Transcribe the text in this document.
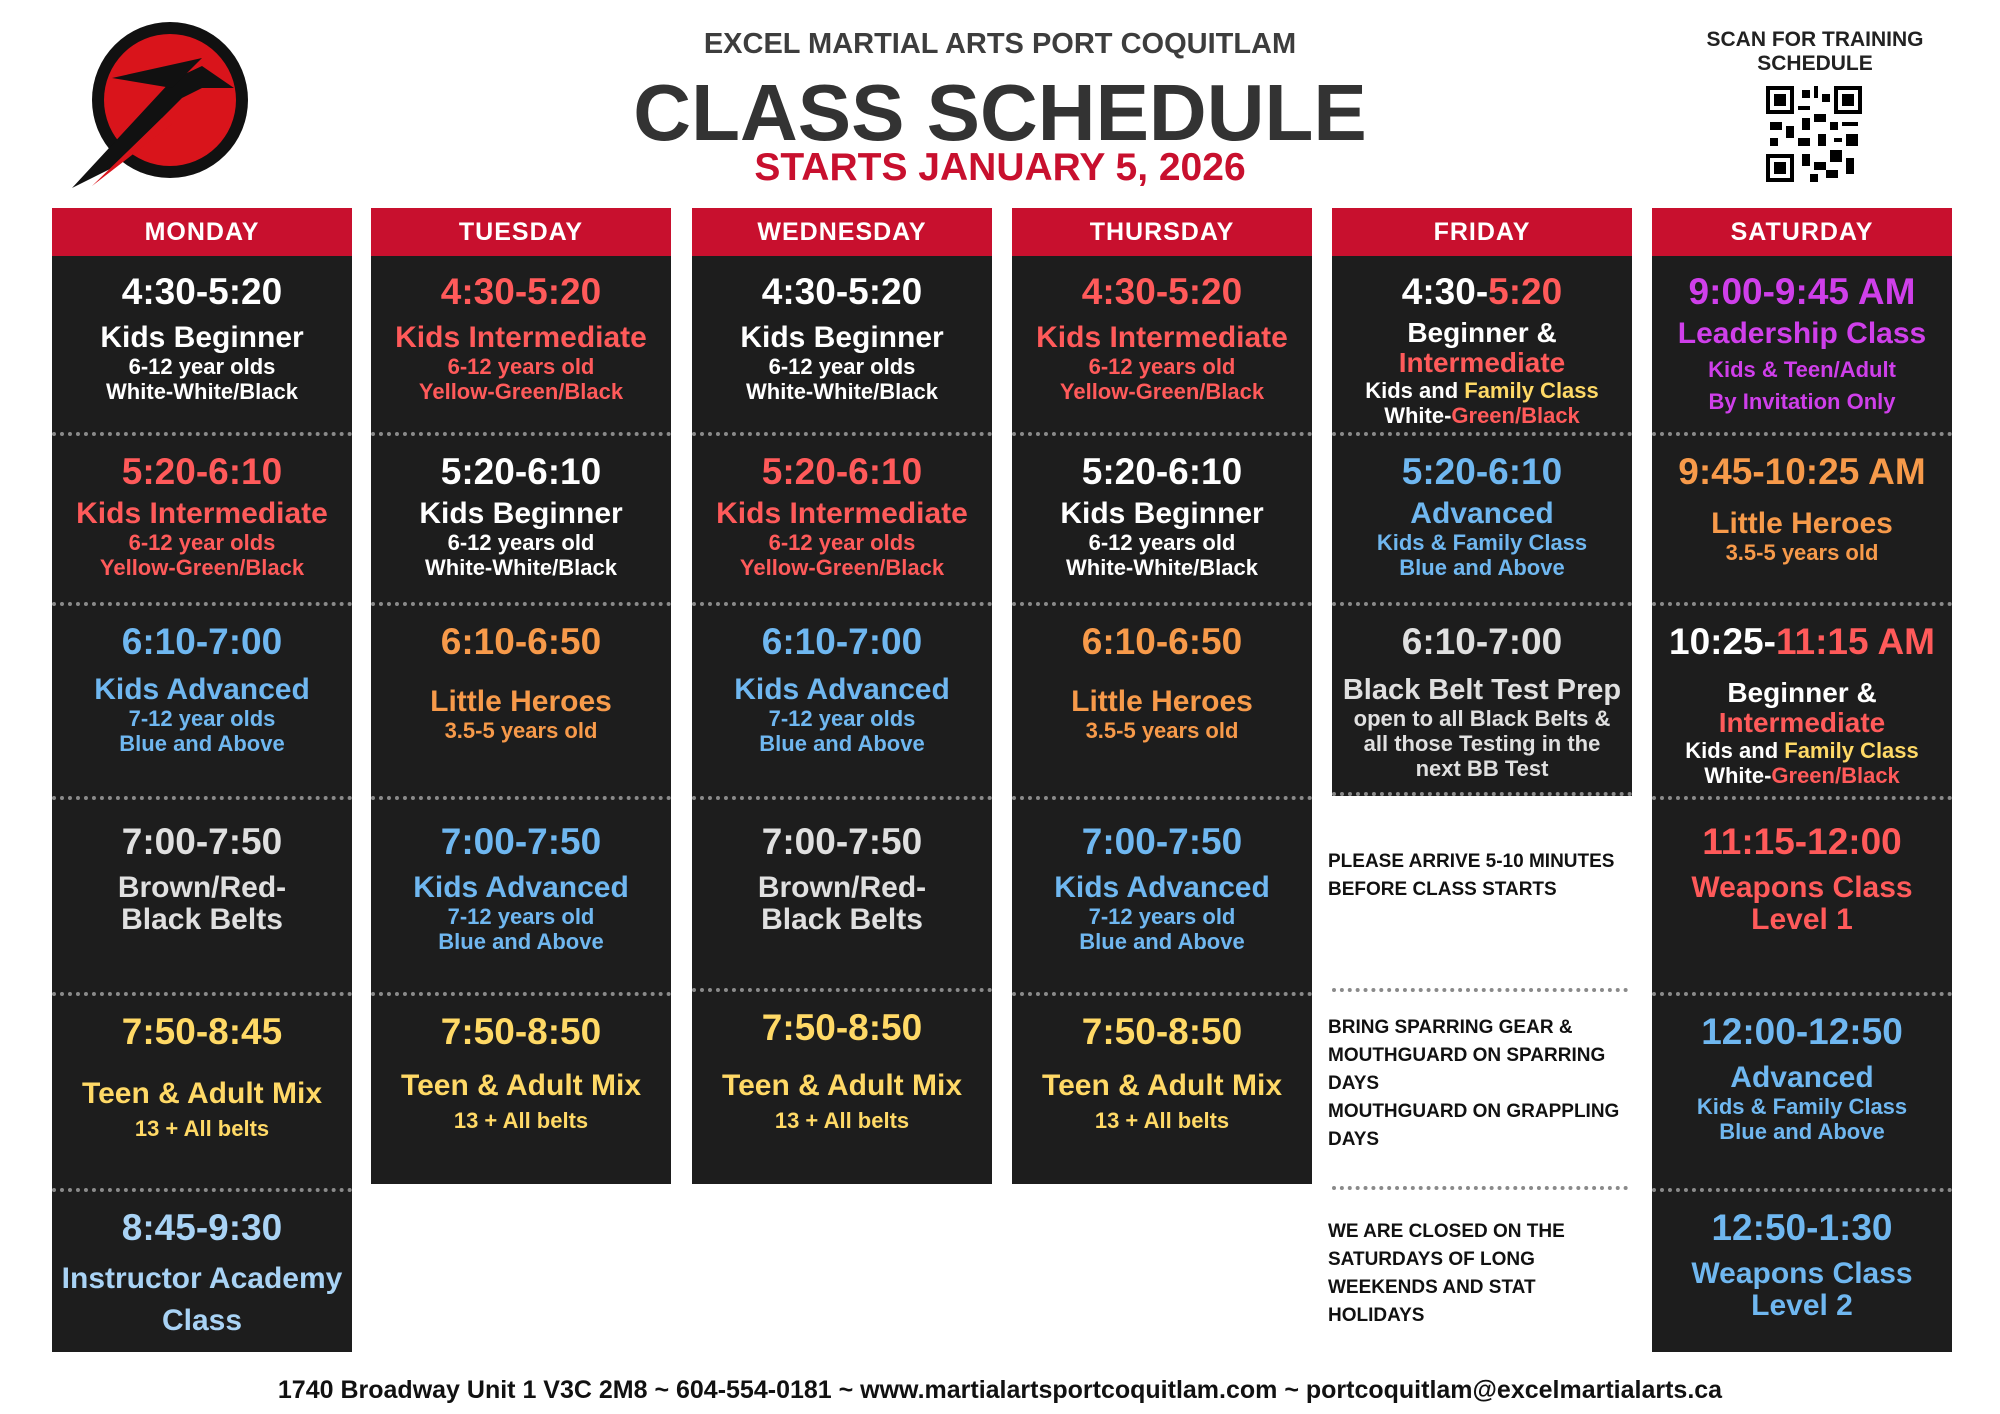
EXCEL MARTIAL ARTS PORT COQUITLAM
CLASS SCHEDULE
STARTS JANUARY 5, 2026
SCAN FOR TRAINING SCHEDULE
MONDAY
4:30-5:20
Kids Beginner
6-12 year olds
White-White/Black
5:20-6:10
Kids Intermediate
6-12 year olds
Yellow-Green/Black
6:10-7:00
Kids Advanced
7-12 year olds
Blue and Above
7:00-7:50
Brown/Red- Black Belts
7:50-8:45
Teen & Adult Mix
13 + All belts
8:45-9:30
Instructor Academy Class
TUESDAY
4:30-5:20
Kids Intermediate
6-12 years old
Yellow-Green/Black
5:20-6:10
Kids Beginner
6-12 years old
White-White/Black
6:10-6:50
Little Heroes
3.5-5 years old
7:00-7:50
Kids Advanced
7-12 years old
Blue and Above
7:50-8:50
Teen & Adult Mix
13 + All belts
WEDNESDAY
4:30-5:20
Kids Beginner
6-12 year olds
White-White/Black
5:20-6:10
Kids Intermediate
6-12 year olds
Yellow-Green/Black
6:10-7:00
Kids Advanced
7-12 year olds
Blue and Above
7:00-7:50
Brown/Red- Black Belts
7:50-8:50
Teen & Adult Mix
13 + All belts
THURSDAY
4:30-5:20
Kids Intermediate
6-12 years old
Yellow-Green/Black
5:20-6:10
Kids Beginner
6-12 years old
White-White/Black
6:10-6:50
Little Heroes
3.5-5 years old
7:00-7:50
Kids Advanced
7-12 years old
Blue and Above
7:50-8:50
Teen & Adult Mix
13 + All belts
FRIDAY
4:30-5:20
Beginner &
Intermediate
Kids and Family Class
White-Green/Black
5:20-6:10
Advanced
Kids & Family Class
Blue and Above
6:10-7:00
Black Belt Test Prep
open to all Black Belts &
all those Testing in the
next BB Test
PLEASE ARRIVE 5-10 MINUTES BEFORE CLASS STARTS
BRING SPARRING GEAR & MOUTHGUARD ON SPARRING DAYS
MOUTHGUARD ON GRAPPLING DAYS
WE ARE CLOSED ON THE SATURDAYS OF LONG WEEKENDS AND STAT HOLIDAYS
SATURDAY
9:00-9:45 AM
Leadership Class
Kids & Teen/Adult
By Invitation Only
9:45-10:25 AM
Little Heroes
3.5-5 years old
10:25-11:15 AM
Beginner &
Intermediate
Kids and Family Class
White-Green/Black
11:15-12:00
Weapons Class Level 1
12:00-12:50
Advanced
Kids & Family Class
Blue and Above
12:50-1:30
Weapons Class Level 2
1740 Broadway Unit 1 V3C 2M8 ~ 604-554-0181 ~ www.martialartsportcoquitlam.com ~ portcoquitlam@excelmartialarts.ca
